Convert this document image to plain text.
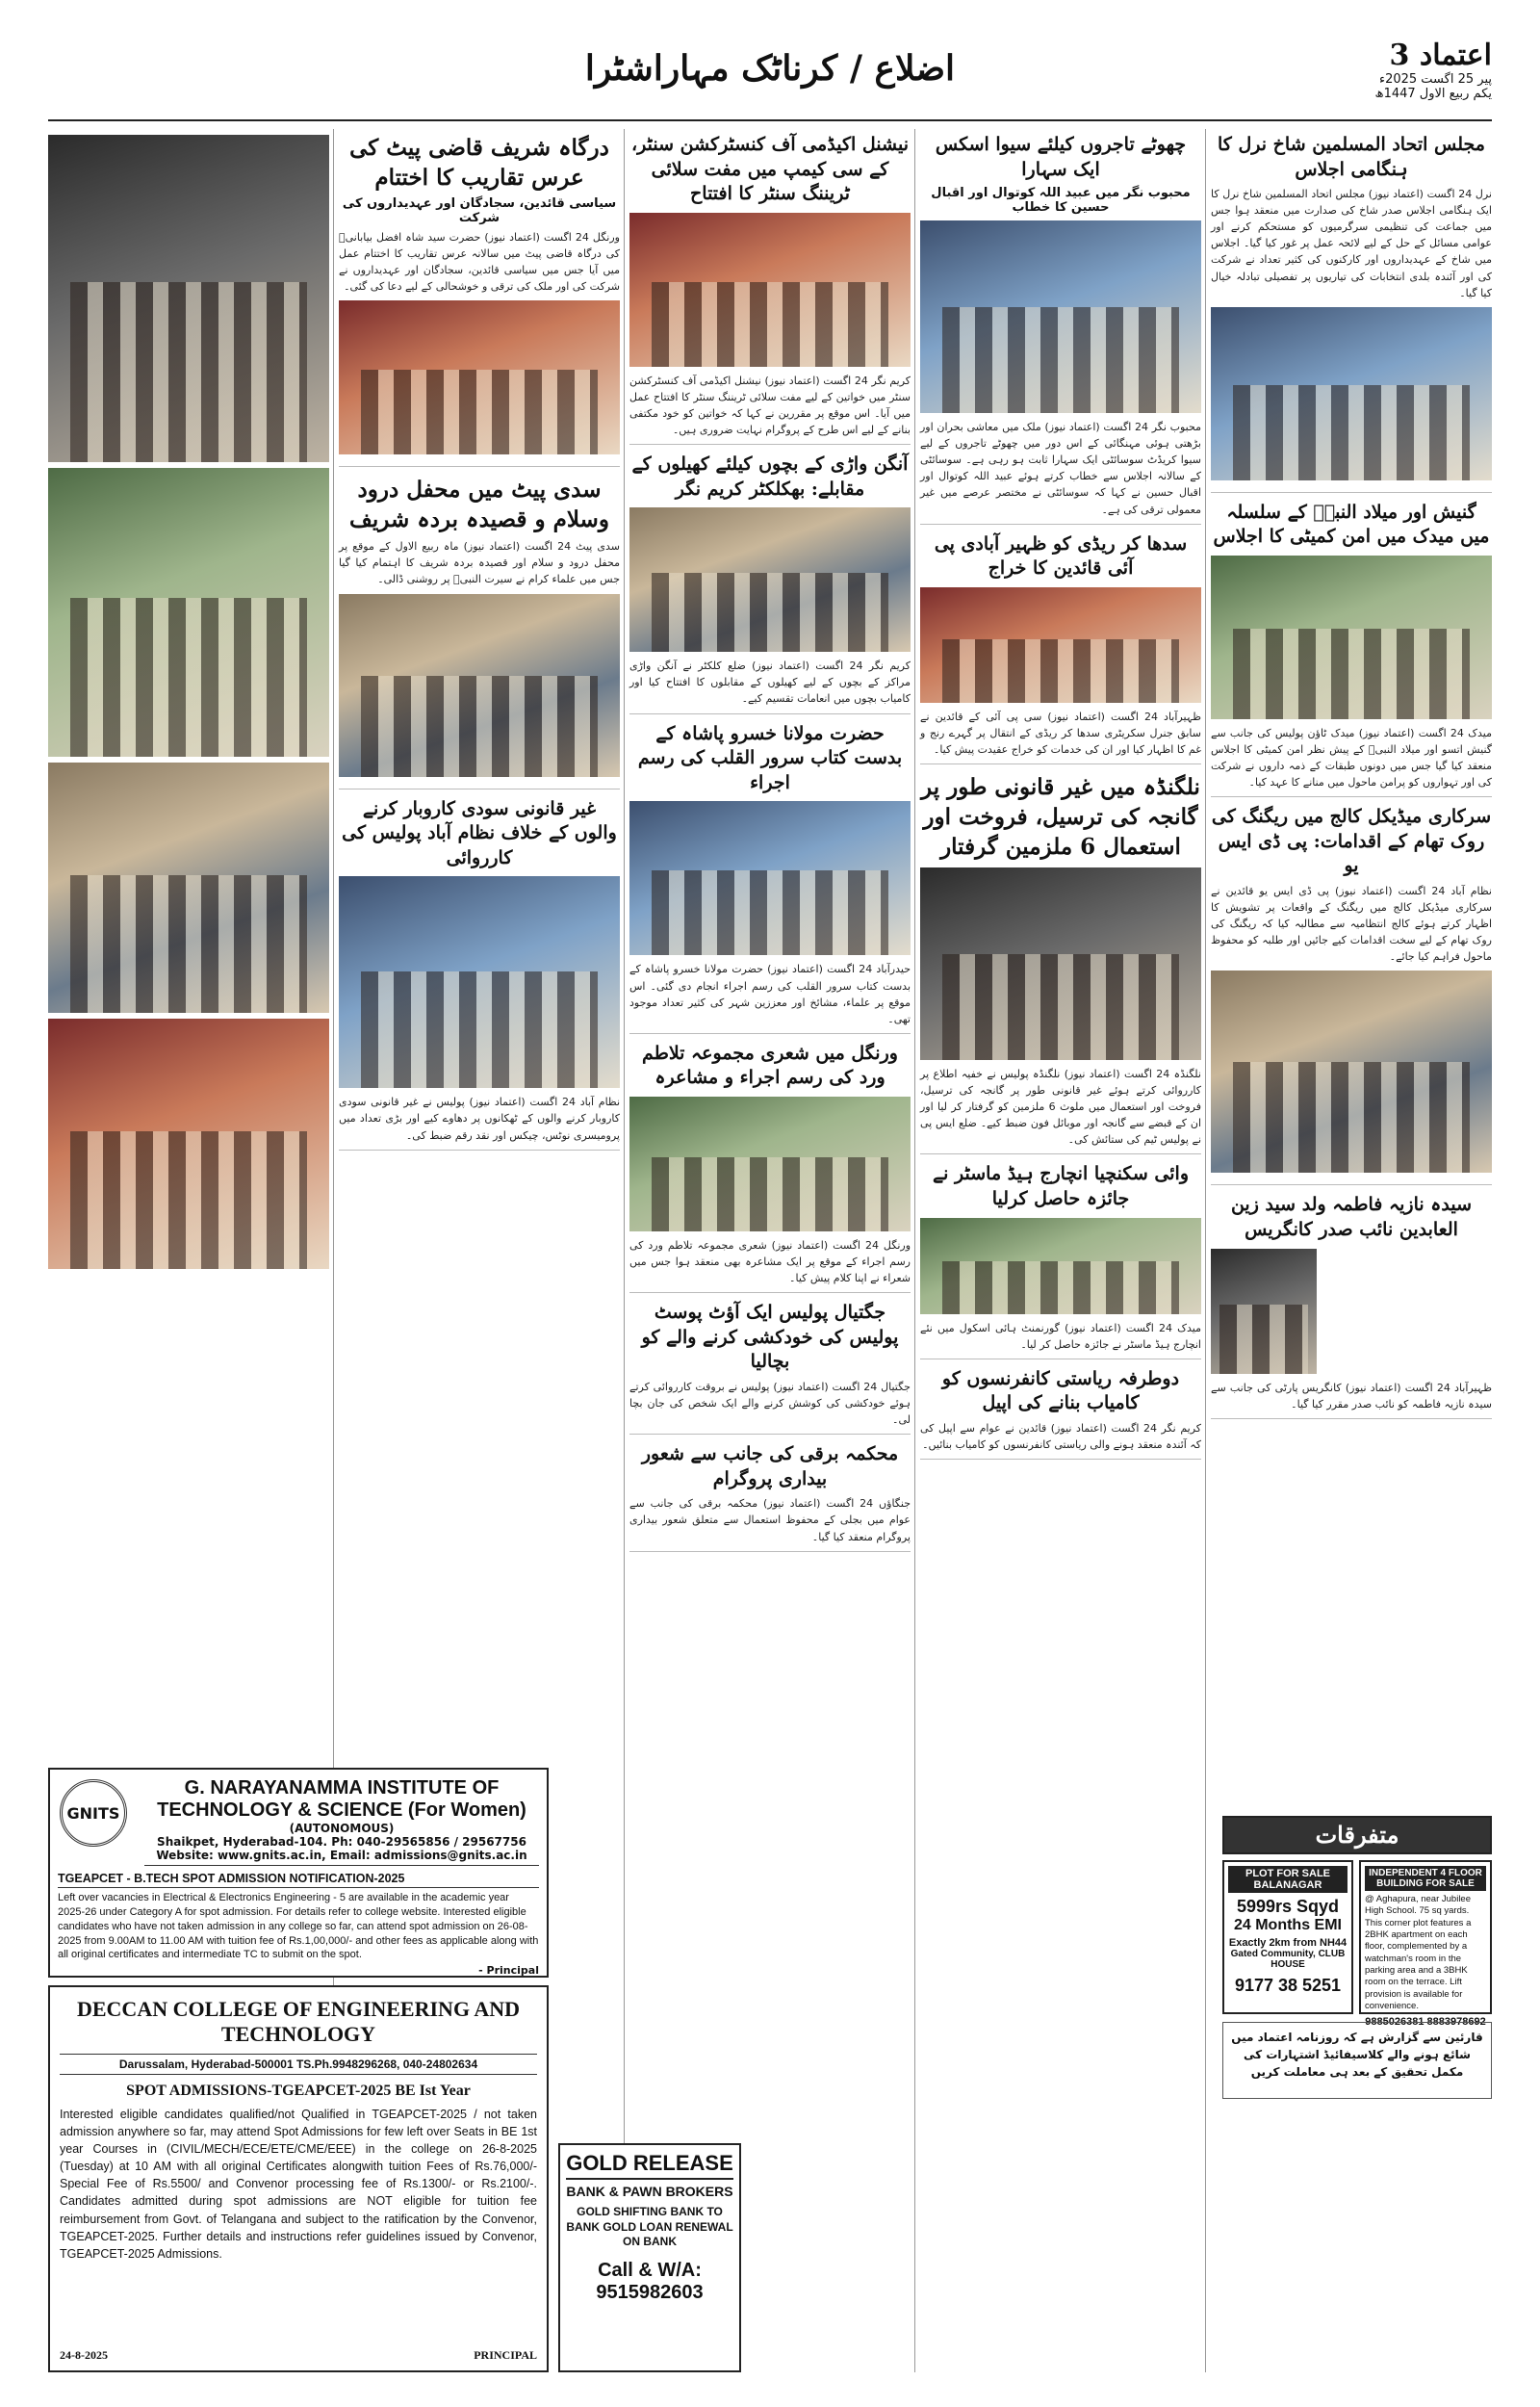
اضلاع / کرناٹک مہاراشٹرا	اعتماد 3
پیر 25 اگست 2025ء
یکم ربیع الاول 1447ھ
مجلس اتحاد المسلمین شاخ نرل کا ہنگامی اجلاس
نرل 24 اگست (اعتماد نیوز) مجلس اتحاد المسلمین شاخ نرل کا ایک ہنگامی اجلاس صدر شاخ کی صدارت میں منعقد ہوا جس میں جماعت کی تنظیمی سرگرمیوں کو مستحکم کرنے اور عوامی مسائل کے حل کے لیے لائحہ عمل پر غور کیا گیا۔ اجلاس میں شاخ کے عہدیداروں اور کارکنوں کی کثیر تعداد نے شرکت کی اور آئندہ بلدی انتخابات کی تیاریوں پر تفصیلی تبادلہ خیال کیا گیا۔
گنیش اور میلاد النبیؐ کے سلسلہ میں میدک میں امن کمیٹی کا اجلاس
میدک 24 اگست (اعتماد نیوز) میدک ٹاؤن پولیس کی جانب سے گنیش اتسو اور میلاد النبیؐ کے پیش نظر امن کمیٹی کا اجلاس منعقد کیا گیا جس میں دونوں طبقات کے ذمہ داروں نے شرکت کی اور تہواروں کو پرامن ماحول میں منانے کا عہد کیا۔
سرکاری میڈیکل کالج میں ریگنگ کی روک تھام کے اقدامات: پی ڈی ایس یو
نظام آباد 24 اگست (اعتماد نیوز) پی ڈی ایس یو قائدین نے سرکاری میڈیکل کالج میں ریگنگ کے واقعات پر تشویش کا اظہار کرتے ہوئے کالج انتظامیہ سے مطالبہ کیا کہ ریگنگ کی روک تھام کے لیے سخت اقدامات کیے جائیں اور طلبہ کو محفوظ ماحول فراہم کیا جائے۔
سیدہ نازیہ فاطمہ ولد سید زین العابدین نائب صدر کانگریس
ظہیرآباد 24 اگست (اعتماد نیوز) کانگریس پارٹی کی جانب سے سیدہ نازیہ فاطمہ کو نائب صدر مقرر کیا گیا۔
چھوٹے تاجروں کیلئے سیوا اسکس ایک سہارا
محبوب نگر میں عبید اللہ کوتوال اور اقبال حسین کا خطاب
محبوب نگر 24 اگست (اعتماد نیوز) ملک میں معاشی بحران اور بڑھتی ہوئی مہنگائی کے اس دور میں چھوٹے تاجروں کے لیے سیوا کریڈٹ سوسائٹی ایک سہارا ثابت ہو رہی ہے۔ سوسائٹی کے سالانہ اجلاس سے خطاب کرتے ہوئے عبید اللہ کوتوال اور اقبال حسین نے کہا کہ سوسائٹی نے مختصر عرصے میں غیر معمولی ترقی کی ہے۔
سدھا کر ریڈی کو ظہیر آبادی پی آئی قائدین کا خراج
ظہیرآباد 24 اگست (اعتماد نیوز) سی پی آئی کے قائدین نے سابق جنرل سکریٹری سدھا کر ریڈی کے انتقال پر گہرے رنج و غم کا اظہار کیا اور ان کی خدمات کو خراج عقیدت پیش کیا۔
نلگنڈہ میں غیر قانونی طور پر گانجہ کی ترسیل، فروخت اور استعمال 6 ملزمین گرفتار
نلگنڈہ 24 اگست (اعتماد نیوز) نلگنڈہ پولیس نے خفیہ اطلاع پر کارروائی کرتے ہوئے غیر قانونی طور پر گانجہ کی ترسیل، فروخت اور استعمال میں ملوث 6 ملزمین کو گرفتار کر لیا اور ان کے قبضے سے گانجہ اور موبائل فون ضبط کیے۔ ضلع ایس پی نے پولیس ٹیم کی ستائش کی۔
وائی سکنچیا انچارج ہیڈ ماسٹر نے جائزہ حاصل کرلیا
میدک 24 اگست (اعتماد نیوز) گورنمنٹ ہائی اسکول میں نئے انچارج ہیڈ ماسٹر نے جائزہ حاصل کر لیا۔
دوطرفہ ریاستی کانفرنسوں کو کامیاب بنانے کی اپیل
کریم نگر 24 اگست (اعتماد نیوز) قائدین نے عوام سے اپیل کی کہ آئندہ منعقد ہونے والی ریاستی کانفرنسوں کو کامیاب بنائیں۔
نیشنل اکیڈمی آف کنسٹرکشن سنٹر، کے سی کیمپ میں مفت سلائی ٹریننگ سنٹر کا افتتاح
کریم نگر 24 اگست (اعتماد نیوز) نیشنل اکیڈمی آف کنسٹرکشن سنٹر میں خواتین کے لیے مفت سلائی ٹریننگ سنٹر کا افتتاح عمل میں آیا۔ اس موقع پر مقررین نے کہا کہ خواتین کو خود مکتفی بنانے کے لیے اس طرح کے پروگرام نہایت ضروری ہیں۔
آنگن واڑی کے بچوں کیلئے کھیلوں کے مقابلے: بھکلکٹر کریم نگر
کریم نگر 24 اگست (اعتماد نیوز) ضلع کلکٹر نے آنگن واڑی مراکز کے بچوں کے لیے کھیلوں کے مقابلوں کا افتتاح کیا اور کامیاب بچوں میں انعامات تقسیم کیے۔
حضرت مولانا خسرو پاشاہ کے بدست کتاب سرور القلب کی رسم اجراء
حیدرآباد 24 اگست (اعتماد نیوز) حضرت مولانا خسرو پاشاہ کے بدست کتاب سرور القلب کی رسم اجراء انجام دی گئی۔ اس موقع پر علماء، مشائخ اور معززین شہر کی کثیر تعداد موجود تھی۔
ورنگل میں شعری مجموعہ تلاطم ورد کی رسم اجراء و مشاعرہ
ورنگل 24 اگست (اعتماد نیوز) شعری مجموعہ تلاطم ورد کی رسم اجراء کے موقع پر ایک مشاعرہ بھی منعقد ہوا جس میں شعراء نے اپنا کلام پیش کیا۔
جگتیال پولیس ایک آؤٹ پوسٹ پولیس کی خودکشی کرنے والے کو بچالیا
جگتیال 24 اگست (اعتماد نیوز) پولیس نے بروقت کارروائی کرتے ہوئے خودکشی کی کوشش کرنے والے ایک شخص کی جان بچا لی۔
محکمہ برقی کی جانب سے شعور بیداری پروگرام
جنگاؤں 24 اگست (اعتماد نیوز) محکمہ برقی کی جانب سے عوام میں بجلی کے محفوظ استعمال سے متعلق شعور بیداری پروگرام منعقد کیا گیا۔
درگاہ شریف قاضی پیٹ کی عرس تقاریب کا اختتام
سیاسی قائدین، سجادگان اور عہدیداروں کی شرکت
ورنگل 24 اگست (اعتماد نیوز) حضرت سید شاہ افضل بیابانیؒ کی درگاہ قاضی پیٹ میں سالانہ عرس تقاریب کا اختتام عمل میں آیا جس میں سیاسی قائدین، سجادگان اور عہدیداروں نے شرکت کی اور ملک کی ترقی و خوشحالی کے لیے دعا کی گئی۔
سدی پیٹ میں محفل درود وسلام و قصیدہ بردہ شریف
سدی پیٹ 24 اگست (اعتماد نیوز) ماہ ربیع الاول کے موقع پر محفل درود و سلام اور قصیدہ بردہ شریف کا اہتمام کیا گیا جس میں علماء کرام نے سیرت النبیؐ پر روشنی ڈالی۔
غیر قانونی سودی کاروبار کرنے والوں کے خلاف نظام آباد پولیس کی کارروائی
نظام آباد 24 اگست (اعتماد نیوز) پولیس نے غیر قانونی سودی کاروبار کرنے والوں کے ٹھکانوں پر دھاوے کیے اور بڑی تعداد میں پرومیسری نوٹس، چیکس اور نقد رقم ضبط کی۔
GNITS
G. NARAYANAMMA INSTITUTE OF TECHNOLOGY & SCIENCE (For Women)
(AUTONOMOUS)
Shaikpet, Hyderabad-104. Ph: 040-29565856 / 29567756
Website: www.gnits.ac.in, Email: admissions@gnits.ac.in
TGEAPCET - B.TECH SPOT ADMISSION NOTIFICATION-2025
Left over vacancies in Electrical & Electronics Engineering - 5 are available in the academic year 2025-26 under Category A for spot admission. For details refer to college website. Interested eligible candidates who have not taken admission in any college so far, can attend spot admission on 26-08-2025 from 9.00AM to 11.00 AM with tuition fee of Rs.1,00,000/- and other fees as applicable along with all original certificates and intermediate TC to submit on the spot.
- Principal
DECCAN COLLEGE OF ENGINEERING AND TECHNOLOGY
Darussalam, Hyderabad-500001 TS.Ph.9948296268, 040-24802634
SPOT ADMISSIONS-TGEAPCET-2025 BE Ist Year
Interested eligible candidates qualified/not Qualified in TGEAPCET-2025 / not taken admission anywhere so far, may attend Spot Admissions for few left over Seats in BE 1st year Courses in (CIVIL/MECH/ECE/ETE/CME/EEE) in the college on 26-8-2025 (Tuesday) at 10 AM with all original Certificates alongwith tuition Fees of Rs.76,000/-Special Fee of Rs.5500/ and Convenor processing fee of Rs.1300/- or Rs.2100/-. Candidates admitted during spot admissions are NOT eligible for tuition fee reimbursement from Govt. of Telangana and subject to the ratification by the Convenor, TGEAPCET-2025. Further details and instructions refer guidelines issued by Convenor, TGEAPCET-2025 Admissions.
24-8-2025	PRINCIPAL
GOLD RELEASE
BANK & PAWN BROKERS
GOLD SHIFTING BANK TO BANK GOLD LOAN RENEWAL ON BANK
Call & W/A: 9515982603
متفرقات
PLOT FOR SALE BALANAGAR
5999rs Sqyd
24 Months EMI
Exactly 2km from NH44
Gated Community, CLUB HOUSE
9177 38 5251
INDEPENDENT 4 FLOOR BUILDING FOR SALE
@ Aghapura, near Jubilee High School. 75 sq yards. This corner plot features a 2BHK apartment on each floor, complemented by a watchman's room in the parking area and a 3BHK room on the terrace. Lift provision is available for convenience.
9885026381 8883978692
قارئین سے گزارش ہے کہ روزنامہ اعتماد میں شائع ہونے والے کلاسیفائیڈ اشتہارات کی مکمل تحقیق کے بعد ہی معاملت کریں
